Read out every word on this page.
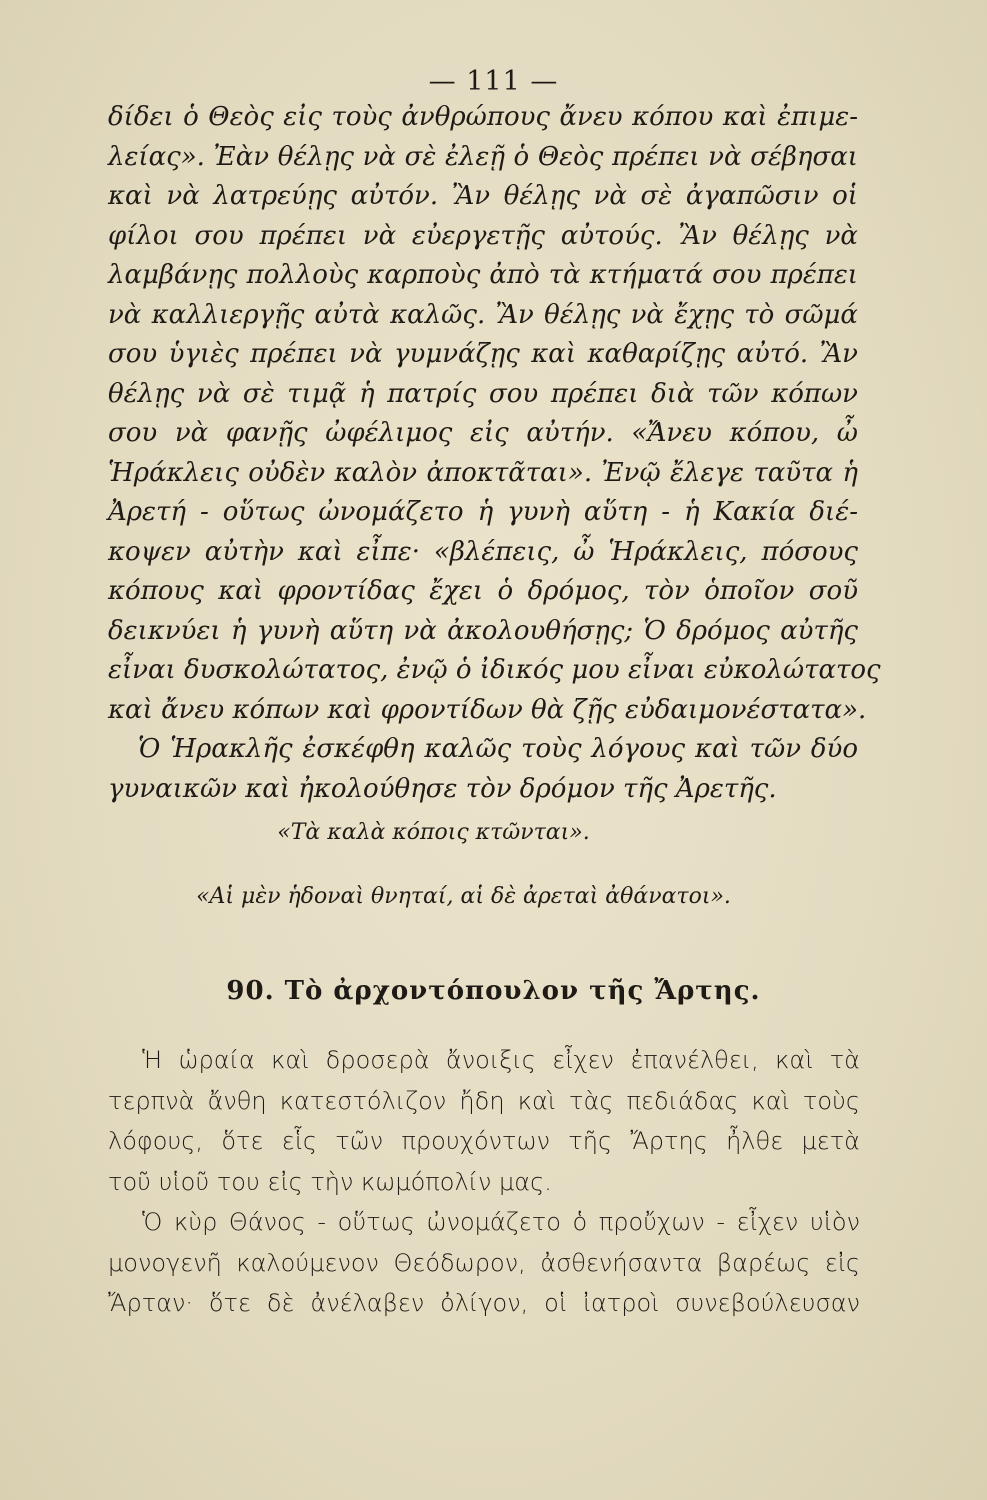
— 111 —
δίδει ὁ Θεὸς εἰς τοὺς ἀνθρώπους ἄνευ κόπου καὶ ἐπιμε-
λείας». Ἐὰν θέλῃς νὰ σὲ ἐλεῇ ὁ Θεὸς πρέπει νὰ σέβησαι
καὶ νὰ λατρεύῃς αὐτόν. Ἂν θέλῃς νὰ σὲ ἀγαπῶσιν οἱ
φίλοι σου πρέπει νὰ εὐεργετῇς αὐτούς. Ἂν θέλῃς νὰ
λαμβάνῃς πολλοὺς καρποὺς ἀπὸ τὰ κτήματά σου πρέπει
νὰ καλλιεργῇς αὐτὰ καλῶς. Ἂν θέλῃς νὰ ἔχῃς τὸ σῶμά
σου ὑγιὲς πρέπει νὰ γυμνάζῃς καὶ καθαρίζῃς αὐτό. Ἂν
θέλῃς νὰ σὲ τιμᾷ ἡ πατρίς σου πρέπει διὰ τῶν κόπων
σου νὰ φανῇς ὠφέλιμος εἰς αὐτήν. «Ἄνευ κόπου, ὦ
Ἡράκλεις οὐδὲν καλὸν ἀποκτᾶται». Ἐνῷ ἔλεγε ταῦτα ἡ
Ἀρετή - οὕτως ὠνομάζετο ἡ γυνὴ αὕτη - ἡ Κακία διέ-
κοψεν αὐτὴν καὶ εἶπε· «βλέπεις, ὦ Ἡράκλεις, πόσους
κόπους καὶ φροντίδας ἔχει ὁ δρόμος, τὸν ὁποῖον σοῦ
δεικνύει ἡ γυνὴ αὕτη νὰ ἀκολουθήσῃς; Ὁ δρόμος αὐτῆς
εἶναι δυσκολώτατος, ἐνῷ ὁ ἰδικός μου εἶναι εὐκολώτατος
καὶ ἄνευ κόπων καὶ φροντίδων θὰ ζῇς εὐδαιμονέστατα».
Ὁ Ἡρακλῆς ἐσκέφθη καλῶς τοὺς λόγους καὶ τῶν δύο
γυναικῶν καὶ ἠκολούθησε τὸν δρόμον τῆς Ἀρετῆς.
«Τὰ καλὰ κόποις κτῶνται».
«Αἱ μὲν ἡδοναὶ θνηταί, αἱ δὲ ἀρεταὶ ἀθάνατοι».
90. Τὸ ἀρχοντόπουλον τῆς Ἄρτης.
Ἡ ὡραία καὶ δροσερὰ ἄνοιξις εἶχεν ἐπανέλθει, καὶ τὰ
τερπνὰ ἄνθη κατεστόλιζον ἤδη καὶ τὰς πεδιάδας καὶ τοὺς
λόφους, ὅτε εἷς τῶν προυχόντων τῆς Ἄρτης ἦλθε μετὰ
τοῦ υἱοῦ του εἰς τὴν κωμόπολίν μας.
Ὁ κὺρ Θάνος - οὕτως ὠνομάζετο ὁ προὔχων - εἶχεν υἱὸν
μονογενῆ καλούμενον Θεόδωρον, ἀσθενήσαντα βαρέως εἰς
Ἄρταν· ὅτε δὲ ἀνέλαβεν ὀλίγον, οἱ ἰατροὶ συνεβούλευσαν
